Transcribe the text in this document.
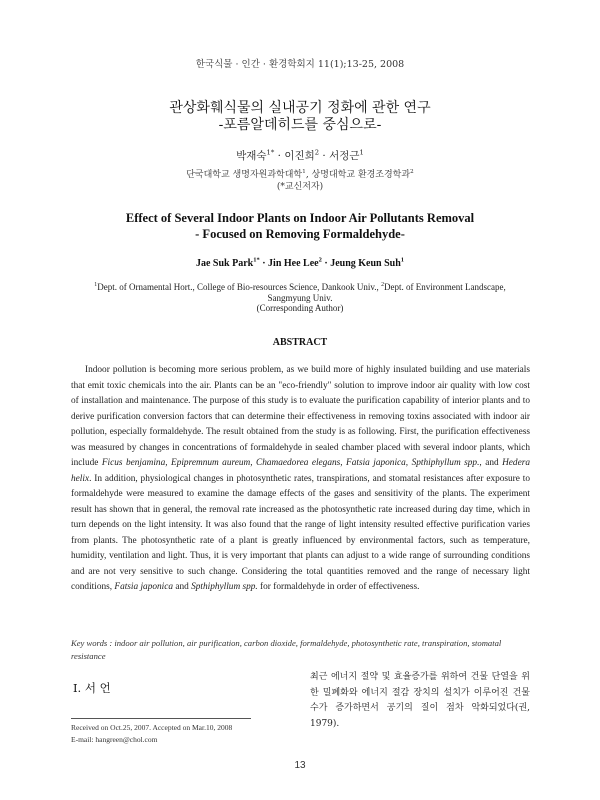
한국식물 · 인간 · 환경학회지 11(1);13-25, 2008
관상화훼식물의 실내공기 정화에 관한 연구
-포름알데히드를 중심으로-
박재숙$^{1*}$ · 이진희$^2$ · 서정근$^1$
단국대학교 생명자원과학대학$^1$, 상명대학교 환경조경학과$^2$
(*교신저자)
Effect of Several Indoor Plants on Indoor Air Pollutants Removal
- Focused on Removing Formaldehyde-
Jae Suk Park$^{1*}$ · Jin Hee Lee$^2$ · Jeung Keun Suh$^1$
$^1$Dept. of Ornamental Hort., College of Bio-resources Science, Dankook Univ., $^2$Dept. of Environment Landscape,
Sangmyung Univ.
(Corresponding Author)
ABSTRACT
Indoor pollution is becoming more serious problem, as we build more of highly insulated building and use materials that emit toxic chemicals into the air. Plants can be an "eco-friendly" solution to improve indoor air quality with low cost of installation and maintenance. The purpose of this study is to evaluate the purification capability of interior plants and to derive purification conversion factors that can determine their effectiveness in removing toxins associated with indoor air pollution, especially formaldehyde. The result obtained from the study is as following. First, the purification effectiveness was measured by changes in concentrations of formaldehyde in sealed chamber placed with several indoor plants, which include Ficus benjamina, Epipremnum aureum, Chamaedorea elegans, Fatsia japonica, Spthiphyllum spp., and Hedera helix. In addition, physiological changes in photosynthetic rates, transpirations, and stomatal resistances after exposure to formaldehyde were measured to examine the damage effects of the gases and sensitivity of the plants. The experiment result has shown that in general, the removal rate increased as the photosynthetic rate increased during day time, which in turn depends on the light intensity. It was also found that the range of light intensity resulted effective purification varies from plants. The photosynthetic rate of a plant is greatly influenced by environmental factors, such as temperature, humidity, ventilation and light. Thus, it is very important that plants can adjust to a wide range of surrounding conditions and are not very sensitive to such change. Considering the total quantities removed and the range of necessary light conditions, Fatsia japonica and Spthiphyllum spp. for formaldehyde in order of effectiveness.
Key words : indoor air pollution, air purification, carbon dioxide, formaldehyde, photosynthetic rate, transpiration, stomatal resistance
Ⅰ. 서 언
최근 에너지 절약 및 효율증가를 위하여 건물 단열을 위한 밀폐화와 에너지 절감 장치의 설치가 이루어진 건물 수가 증가하면서 공기의 질이 점차 악화되었다(권, 1979).
Received on Oct.25, 2007. Accepted on Mar.10, 2008
E-mail: hangreen@chol.com
13
